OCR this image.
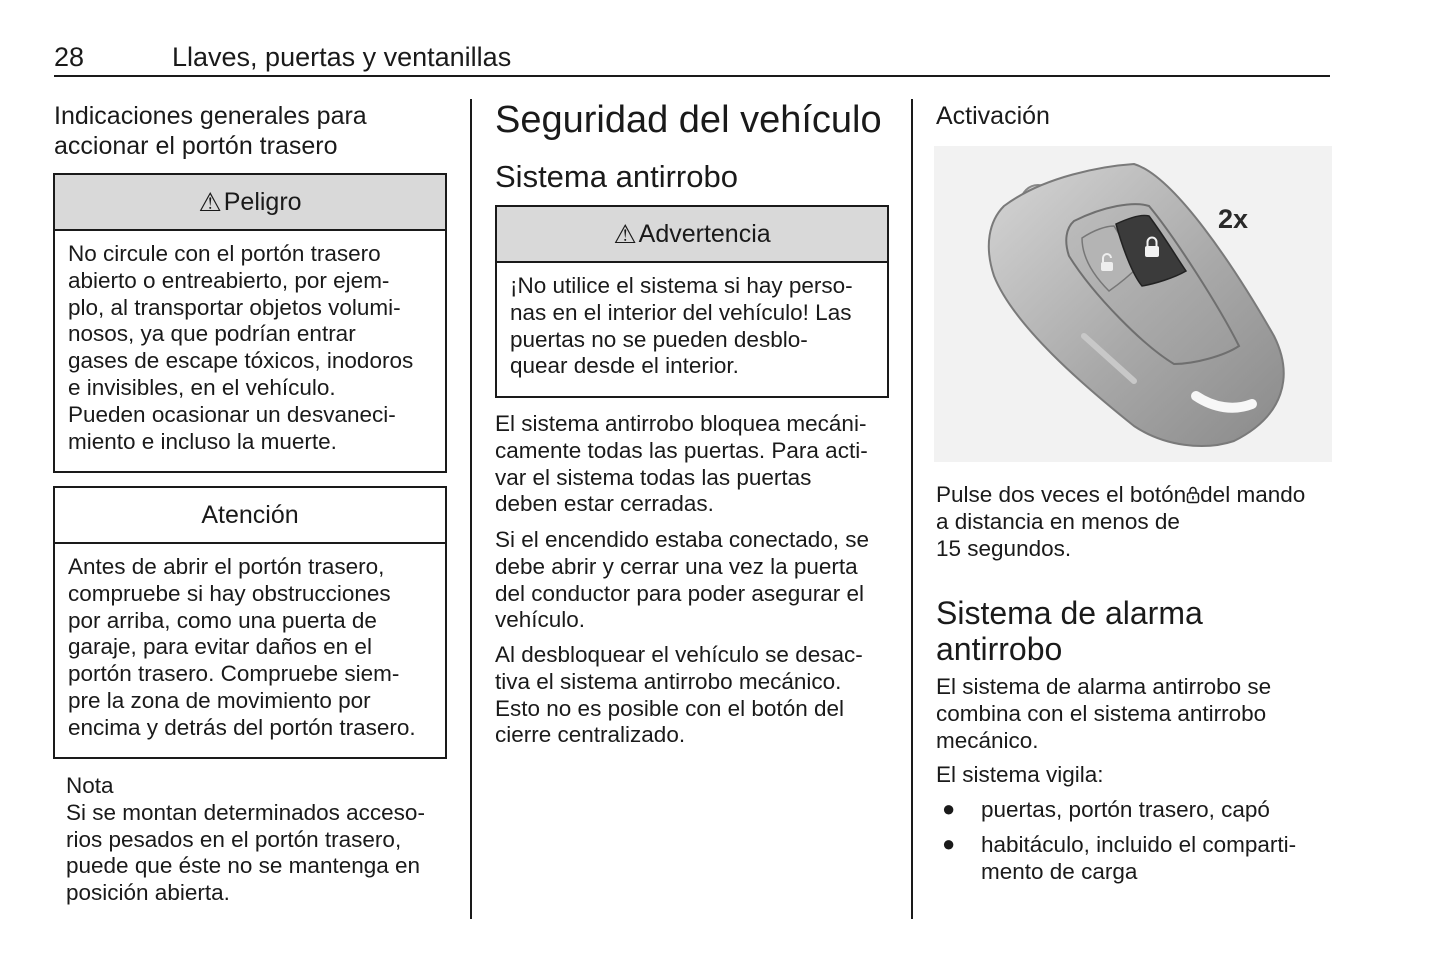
28	Llaves, puertas y ventanillas
Indicaciones generales para
accionar el portón trasero
⚠ Peligro
No circule con el portón trasero
abierto o entreabierto, por ejem-
plo, al transportar objetos volumi-
nosos, ya que podrían entrar
gases de escape tóxicos, inodoros
e invisibles, en el vehículo.
Pueden ocasionar un desvaneci-
miento e incluso la muerte.
Atención
Antes de abrir el portón trasero,
compruebe si hay obstrucciones
por arriba, como una puerta de
garaje, para evitar daños en el
portón trasero. Compruebe siem-
pre la zona de movimiento por
encima y detrás del portón trasero.
Nota
Si se montan determinados acceso-
rios pesados en el portón trasero,
puede que éste no se mantenga en
posición abierta.
Seguridad del vehículo
Sistema antirrobo
⚠ Advertencia
¡No utilice el sistema si hay perso-
nas en el interior del vehículo! Las
puertas no se pueden desblo-
quear desde el interior.
El sistema antirrobo bloquea mecáni-
camente todas las puertas. Para acti-
var el sistema todas las puertas
deben estar cerradas.
Si el encendido estaba conectado, se
debe abrir y cerrar una vez la puerta
del conductor para poder asegurar el
vehículo.
Al desbloquear el vehículo se desac-
tiva el sistema antirrobo mecánico.
Esto no es posible con el botón del
cierre centralizado.
Activación
2x
Pulse dos veces el botón del mando
a distancia en menos de
15 segundos.
Sistema de alarma
antirrobo
El sistema de alarma antirrobo se
combina con el sistema antirrobo
mecánico.
El sistema vigila:
● puertas, portón trasero, capó
● habitáculo, incluido el comparti-
mento de carga
